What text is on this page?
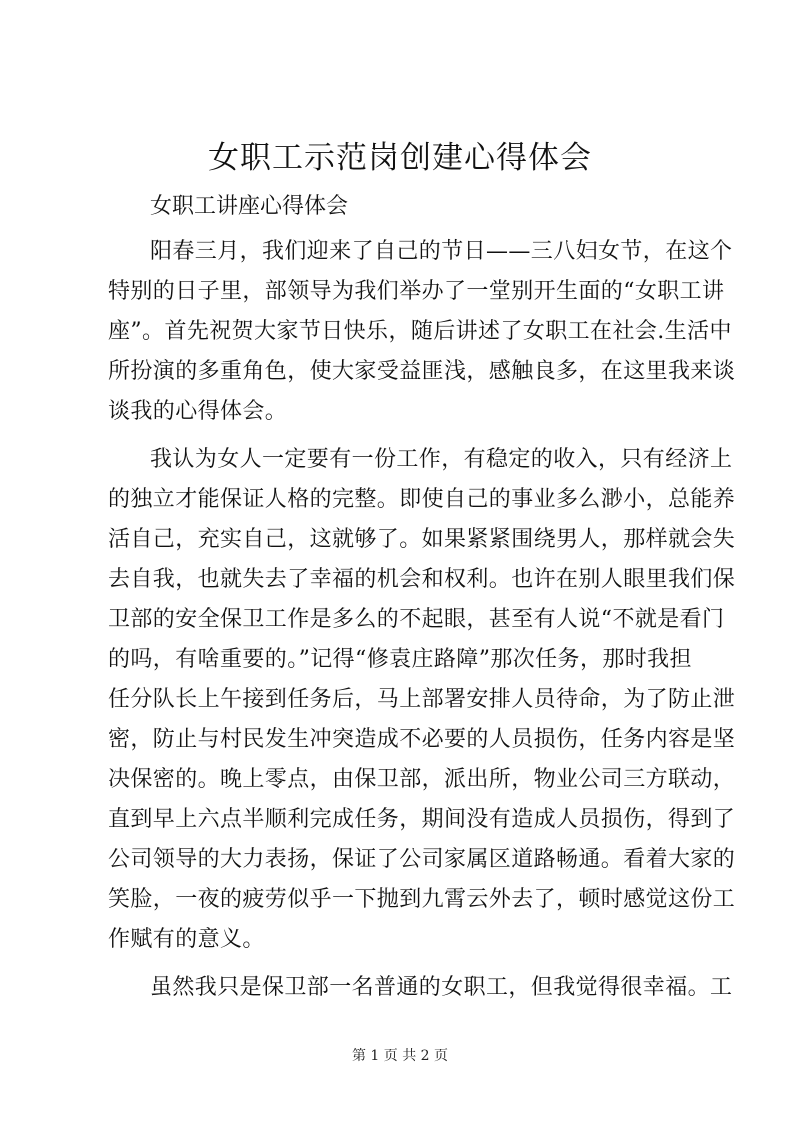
女职工示范岗创建心得体会

女职工讲座心得体会

阳春三月，我们迎来了自己的节日——三八妇女节，在这个
特别的日子里，部领导为我们举办了一堂别开生面的“女职工讲
座”。首先祝贺大家节日快乐，随后讲述了女职工在社会.生活中
所扮演的多重角色，使大家受益匪浅，感触良多，在这里我来谈
谈我的心得体会。
我认为女人一定要有一份工作，有稳定的收入，只有经济上
的独立才能保证人格的完整。即使自己的事业多么渺小，总能养
活自己，充实自己，这就够了。如果紧紧围绕男人，那样就会失
去自我，也就失去了幸福的机会和权利。也许在别人眼里我们保
卫部的安全保卫工作是多么的不起眼，甚至有人说“不就是看门
的吗，有啥重要的。”记得“修袁庄路障”那次任务，那时我担
任分队长上午接到任务后，马上部署安排人员待命，为了防止泄
密，防止与村民发生冲突造成不必要的人员损伤，任务内容是坚
决保密的。晚上零点，由保卫部，派出所，物业公司三方联动，
直到早上六点半顺利完成任务，期间没有造成人员损伤，得到了
公司领导的大力表扬，保证了公司家属区道路畅通。看着大家的
笑脸，一夜的疲劳似乎一下抛到九霄云外去了，顿时感觉这份工
作赋有的意义。
虽然我只是保卫部一名普通的女职工，但我觉得很幸福。工
第 1 页 共 2 页
